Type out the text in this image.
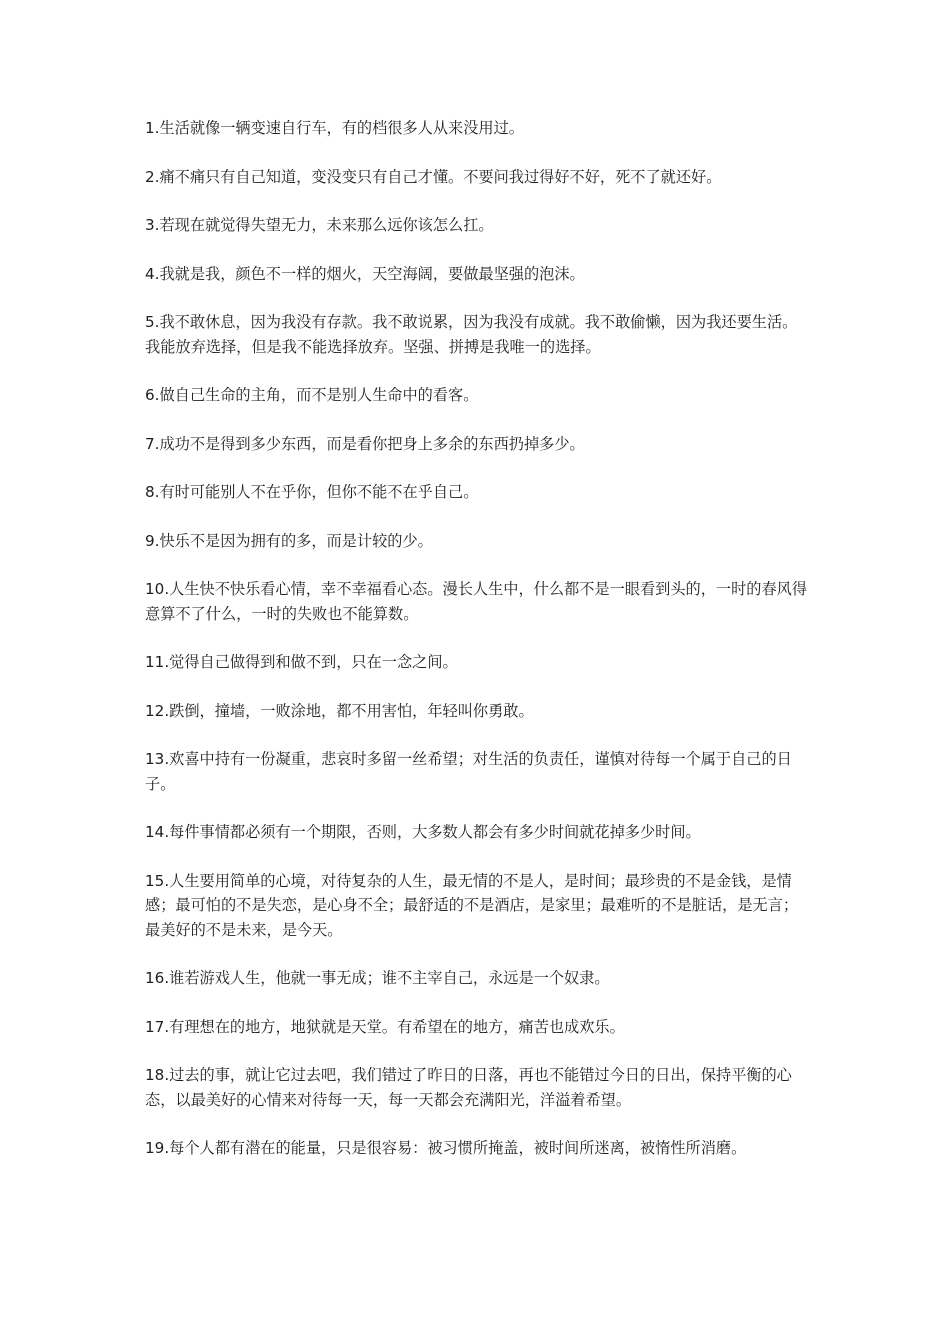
1.生活就像一辆变速自行车，有的档很多人从来没用过。

2.痛不痛只有自己知道，变没变只有自己才懂。不要问我过得好不好，死不了就还好。

3.若现在就觉得失望无力，未来那么远你该怎么扛。

4.我就是我，颜色不一样的烟火，天空海阔，要做最坚强的泡沫。

5.我不敢休息，因为我没有存款。我不敢说累，因为我没有成就。我不敢偷懒，因为我还要生活。我能放弃选择，但是我不能选择放弃。坚强、拼搏是我唯一的选择。

6.做自己生命的主角，而不是别人生命中的看客。

7.成功不是得到多少东西，而是看你把身上多余的东西扔掉多少。

8.有时可能别人不在乎你，但你不能不在乎自己。

9.快乐不是因为拥有的多，而是计较的少。

10.人生快不快乐看心情，幸不幸福看心态。漫长人生中，什么都不是一眼看到头的，一时的春风得意算不了什么，一时的失败也不能算数。

11.觉得自己做得到和做不到，只在一念之间。

12.跌倒，撞墙，一败涂地，都不用害怕，年轻叫你勇敢。

13.欢喜中持有一份凝重，悲哀时多留一丝希望；对生活的负责任，谨慎对待每一个属于自己的日子。

14.每件事情都必须有一个期限，否则，大多数人都会有多少时间就花掉多少时间。

15.人生要用简单的心境，对待复杂的人生，最无情的不是人，是时间；最珍贵的不是金钱，是情感；最可怕的不是失恋，是心身不全；最舒适的不是酒店，是家里；最难听的不是脏话，是无言；最美好的不是未来，是今天。

16.谁若游戏人生，他就一事无成；谁不主宰自己，永远是一个奴隶。

17.有理想在的地方，地狱就是天堂。有希望在的地方，痛苦也成欢乐。

18.过去的事，就让它过去吧，我们错过了昨日的日落，再也不能错过今日的日出，保持平衡的心态，以最美好的心情来对待每一天，每一天都会充满阳光，洋溢着希望。

19.每个人都有潜在的能量，只是很容易：被习惯所掩盖，被时间所迷离，被惰性所消磨。
